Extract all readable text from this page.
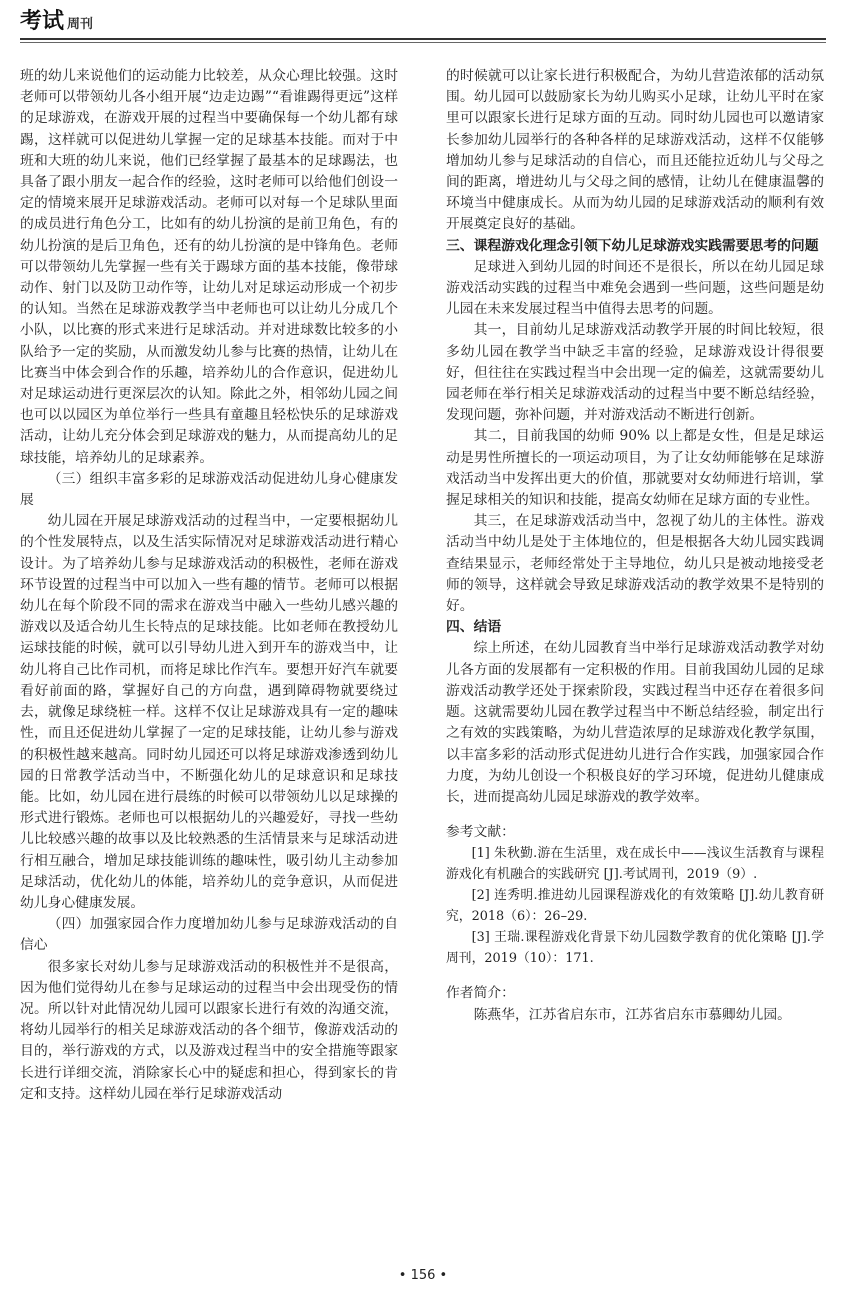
考试 周刊

班的幼儿来说他们的运动能力比较差，从众心理比较强。这时老师可以带领幼儿各小组开展“边走边踢”“看谁踢得更远”这样的足球游戏，在游戏开展的过程当中要确保每一个幼儿都有球踢，这样就可以促进幼儿掌握一定的足球基本技能。而对于中班和大班的幼儿来说，他们已经掌握了最基本的足球踢法，也具备了跟小朋友一起合作的经验，这时老师可以给他们创设一定的情境来展开足球游戏活动。老师可以对每一个足球队里面的成员进行角色分工，比如有的幼儿扮演的是前卫角色，有的幼儿扮演的是后卫角色，还有的幼儿扮演的是中锋角色。老师可以带领幼儿先掌握一些有关于踢球方面的基本技能，像带球动作、射门以及防卫动作等，让幼儿对足球运动形成一个初步的认知。当然在足球游戏教学当中老师也可以让幼儿分成几个小队，以比赛的形式来进行足球活动。并对进球数比较多的小队给予一定的奖励，从而激发幼儿参与比赛的热情，让幼儿在比赛当中体会到合作的乐趣，培养幼儿的合作意识，促进幼儿对足球运动进行更深层次的认知。除此之外，相邻幼儿园之间也可以以园区为单位举行一些具有童趣且轻松快乐的足球游戏活动，让幼儿充分体会到足球游戏的魅力，从而提高幼儿的足球技能，培养幼儿的足球素养。

（三）组织丰富多彩的足球游戏活动促进幼儿身心健康发展

幼儿园在开展足球游戏活动的过程当中，一定要根据幼儿的个性发展特点，以及生活实际情况对足球游戏活动进行精心设计。为了培养幼儿参与足球游戏活动的积极性，老师在游戏环节设置的过程当中可以加入一些有趣的情节。老师可以根据幼儿在每个阶段不同的需求在游戏当中融入一些幼儿感兴趣的游戏以及适合幼儿生长特点的足球技能。比如老师在教授幼儿运球技能的时候，就可以引导幼儿进入到开车的游戏当中，让幼儿将自己比作司机，而将足球比作汽车。要想开好汽车就要看好前面的路，掌握好自己的方向盘，遇到障碍物就要绕过去，就像足球绕桩一样。这样不仅让足球游戏具有一定的趣味性，而且还促进幼儿掌握了一定的足球技能，让幼儿参与游戏的积极性越来越高。同时幼儿园还可以将足球游戏渗透到幼儿园的日常教学活动当中，不断强化幼儿的足球意识和足球技能。比如，幼儿园在进行晨练的时候可以带领幼儿以足球操的形式进行锻炼。老师也可以根据幼儿的兴趣爱好，寻找一些幼儿比较感兴趣的故事以及比较熟悉的生活情景来与足球活动进行相互融合，增加足球技能训练的趣味性，吸引幼儿主动参加足球活动，优化幼儿的体能，培养幼儿的竞争意识，从而促进幼儿身心健康发展。

（四）加强家园合作力度增加幼儿参与足球游戏活动的自信心

很多家长对幼儿参与足球游戏活动的积极性并不是很高，因为他们觉得幼儿在参与足球运动的过程当中会出现受伤的情况。所以针对此情况幼儿园可以跟家长进行有效的沟通交流，将幼儿园举行的相关足球游戏活动的各个细节，像游戏活动的目的，举行游戏的方式，以及游戏过程当中的安全措施等跟家长进行详细交流，消除家长心中的疑虑和担心，得到家长的肯定和支持。这样幼儿园在举行足球游戏活动

的时候就可以让家长进行积极配合，为幼儿营造浓郁的活动氛围。幼儿园可以鼓励家长为幼儿购买小足球，让幼儿平时在家里可以跟家长进行足球方面的互动。同时幼儿园也可以邀请家长参加幼儿园举行的各种各样的足球游戏活动，这样不仅能够增加幼儿参与足球活动的自信心，而且还能拉近幼儿与父母之间的距离，增进幼儿与父母之间的感情，让幼儿在健康温馨的环境当中健康成长。从而为幼儿园的足球游戏活动的顺利有效开展奠定良好的基础。

三、课程游戏化理念引领下幼儿足球游戏实践需要思考的问题

足球进入到幼儿园的时间还不是很长，所以在幼儿园足球游戏活动实践的过程当中难免会遇到一些问题，这些问题是幼儿园在未来发展过程当中值得去思考的问题。

其一，目前幼儿足球游戏活动教学开展的时间比较短，很多幼儿园在教学当中缺乏丰富的经验，足球游戏设计得很要好，但往往在实践过程当中会出现一定的偏差，这就需要幼儿园老师在举行相关足球游戏活动的过程当中要不断总结经验，发现问题，弥补问题，并对游戏活动不断进行创新。

其二，目前我国的幼师 90% 以上都是女性，但是足球运动是男性所擅长的一项运动项目，为了让女幼师能够在足球游戏活动当中发挥出更大的价值，那就要对女幼师进行培训，掌握足球相关的知识和技能，提高女幼师在足球方面的专业性。

其三，在足球游戏活动当中，忽视了幼儿的主体性。游戏活动当中幼儿是处于主体地位的，但是根据各大幼儿园实践调查结果显示，老师经常处于主导地位，幼儿只是被动地接受老师的领导，这样就会导致足球游戏活动的教学效果不是特别的好。

四、结语

综上所述，在幼儿园教育当中举行足球游戏活动教学对幼儿各方面的发展都有一定积极的作用。目前我国幼儿园的足球游戏活动教学还处于探索阶段，实践过程当中还存在着很多问题。这就需要幼儿园在教学过程当中不断总结经验，制定出行之有效的实践策略，为幼儿营造浓厚的足球游戏化教学氛围，以丰富多彩的活动形式促进幼儿进行合作实践，加强家园合作力度，为幼儿创设一个积极良好的学习环境，促进幼儿健康成长，进而提高幼儿园足球游戏的教学效率。

参考文献：

[1] 朱秋勤.游在生活里，戏在成长中——浅议生活教育与课程游戏化有机融合的实践研究 [J].考试周刊，2019（9）.

[2] 连秀明.推进幼儿园课程游戏化的有效策略 [J].幼儿教育研究，2018（6）：26–29.

[3] 王瑞.课程游戏化背景下幼儿园数学教育的优化策略 [J].学周刊，2019（10）：171.

作者简介：

陈燕华，江苏省启东市，江苏省启东市慕卿幼儿园。

• 156 •
